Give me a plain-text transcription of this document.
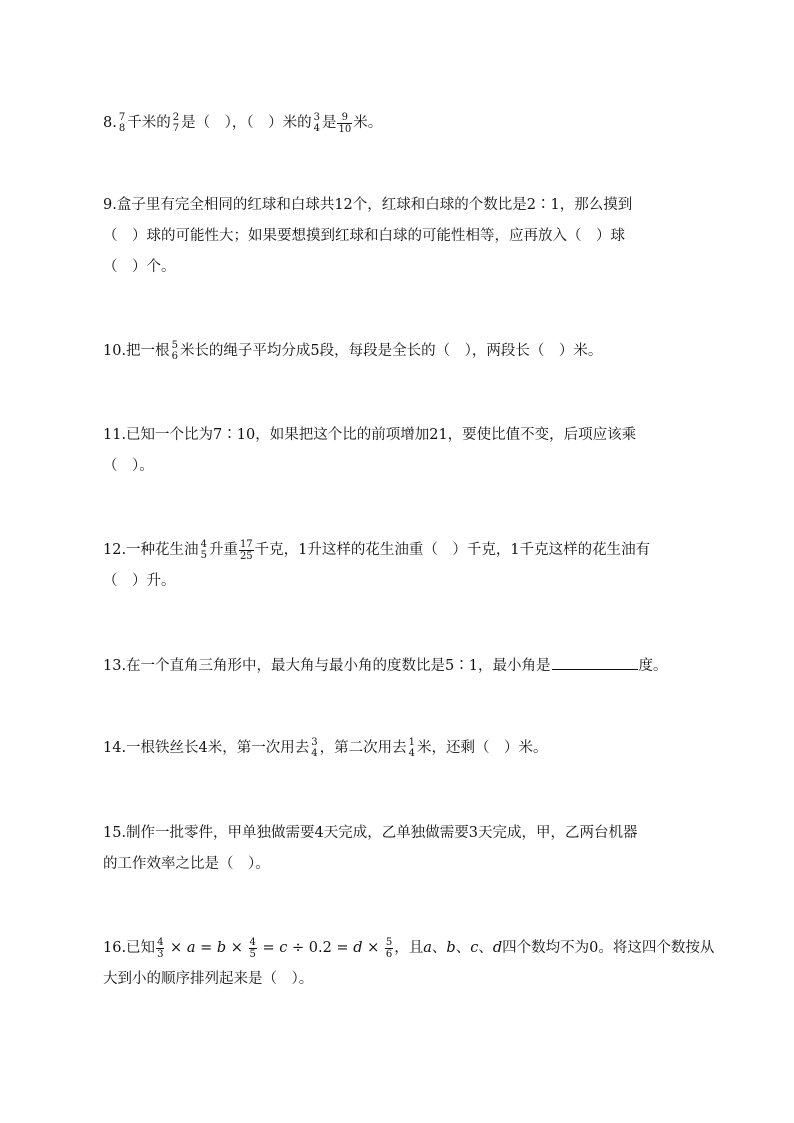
8. 7
8 千米的 2
7 是（　），（　）米的 3
4 是 $\frac{9}{10}$ 米。
9.盒子里有完全相同的红球和白球共12个，红球和白球的个数比是2∶1，那么摸到
（　）球的可能性大；如果要想摸到红球和白球的可能性相等，应再放入（　）球
（　）个。
10.把一根 5
6 米长的绳子平均分成5段，每段是全长的（　），两段长（　）米。
11.已知一个比为7∶10，如果把这个比的前项增加21，要使比值不变，后项应该乘
（　）。
12.一种花生油 4
5 升重 $\frac{17}{25}$ 千克，1升这样的花生油重（　）千克，1千克这样的花生油有
（　）升。
13.在一个直角三角形中，最大角与最小角的度数比是5∶1，最小角是	度。
14.一根铁丝长4米，第一次用去 3
4 ，第二次用去 1
4 米，还剩（　）米。
15.制作一批零件，甲单独做需要4天完成，乙单独做需要3天完成，甲，乙两台机器
的工作效率之比是（　）。
16.已知 $\frac{4}{3} \times a = b \times \frac{4}{5} = c \div 0.2 = d \times \frac{5}{6}$ ，且a、b、c、d四个数均不为0。将这四个数按从
大到小的顺序排列起来是（　）。
